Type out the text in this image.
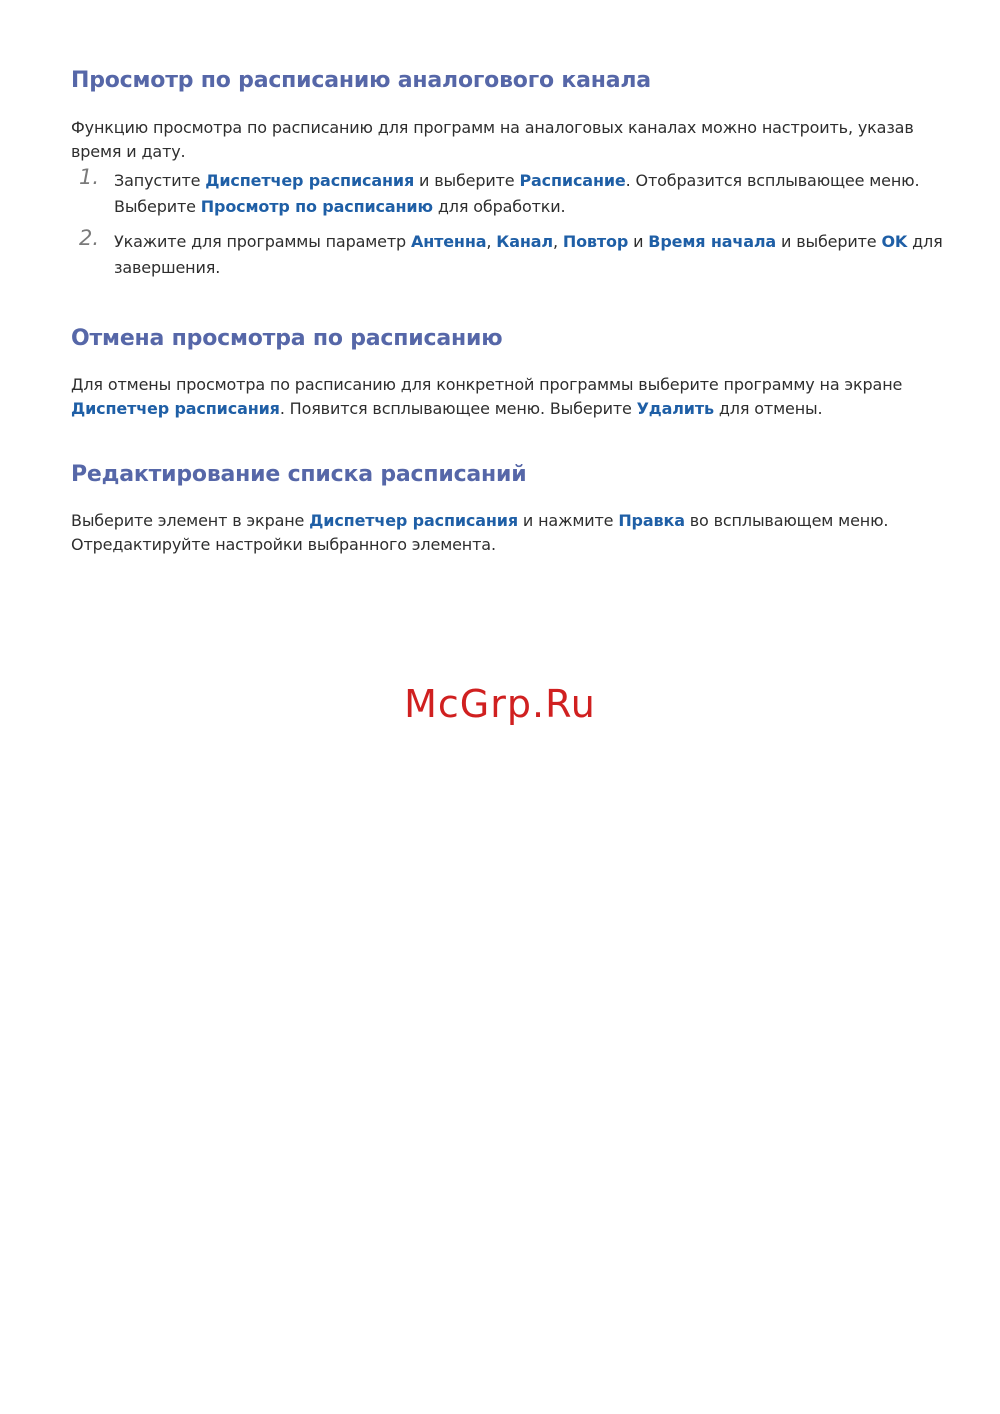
Просмотр по расписанию аналогового канала

Функцию просмотра по расписанию для программ на аналоговых каналах можно настроить, указав время и дату.

1. Запустите Диспетчер расписания и выберите Расписание. Отобразится всплывающее меню. Выберите Просмотр по расписанию для обработки.
2. Укажите для программы параметр Антенна, Канал, Повтор и Время начала и выберите OK для завершения.
Отмена просмотра по расписанию

Для отмены просмотра по расписанию для конкретной программы выберите программу на экране Диспетчер расписания. Появится всплывающее меню. Выберите Удалить для отмены.

Редактирование списка расписаний

Выберите элемент в экране Диспетчер расписания и нажмите Правка во всплывающем меню.
Отредактируйте настройки выбранного элемента.

McGrp.Ru
